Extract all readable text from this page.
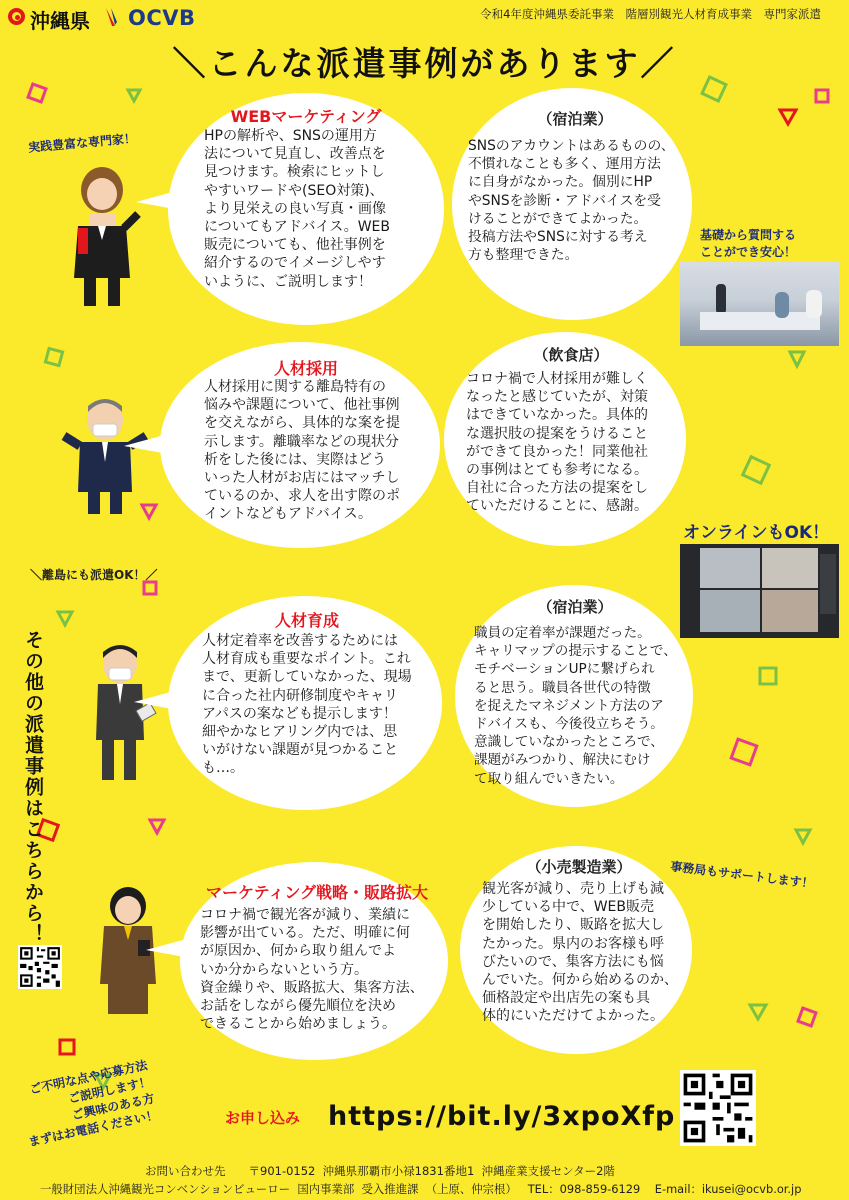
沖縄県 OCVB	令和4年度沖縄県委託事業　階層別観光人材育成事業　専門家派遣
＼こんな派遣事例があります／
実践豊富な専門家！
基礎から質問する
ことができ安心！
＼離島にも派遣OK！／
オンラインもOK！
事務局もサポートします！
その他の派遣事例はこちらから！
ご不明な点や応募方法
ご説明します！
ご興味のある方
まずはお電話ください！
WEBマーケティング
HPの解析や、SNSの運用方
法について見直し、改善点を
見つけます。検索にヒットし
やすいワードや(SEO対策)、
より見栄えの良い写真・画像
についてもアドバイス。WEB
販売についても、他社事例を
紹介するのでイメージしやす
いように、ご説明します！
（宿泊業）
SNSのアカウントはあるものの、
不慣れなことも多く、運用方法
に自身がなかった。個別にHP
やSNSを診断・アドバイスを受
けることができてよかった。
投稿方法やSNSに対する考え
方も整理できた。
人材採用
人材採用に関する離島特有の
悩みや課題について、他社事例
を交えながら、具体的な案を提
示します。離職率などの現状分
析をした後には、実際はどう
いった人材がお店にはマッチし
ているのか、求人を出す際のポ
イントなどもアドバイス。
（飲食店）
コロナ禍で人材採用が難しく
なったと感じていたが、対策
はできていなかった。具体的
な選択肢の提案をうけること
ができて良かった！同業他社
の事例はとても参考になる。
自社に合った方法の提案をし
ていただけることに、感謝。
人材育成
人材定着率を改善するためには
人材育成も重要なポイント。これ
まで、更新していなかった、現場
に合った社内研修制度やキャリ
アパスの案なども提示します！
細やかなヒアリング内では、思
いがけない課題が見つかること
も…。
（宿泊業）
職員の定着率が課題だった。
キャリマップの提示することで、
モチベーションUPに繋げられ
ると思う。職員各世代の特徴
を捉えたマネジメント方法のア
ドバイスも、今後役立ちそう。
意識していなかったところで、
課題がみつかり、解決にむけ
て取り組んでいきたい。
マーケティング戦略・販路拡大
コロナ禍で観光客が減り、業績に
影響が出ている。ただ、明確に何
が原因か、何から取り組んでよ
いか分からないという方。
資金繰りや、販路拡大、集客方法、
お話をしながら優先順位を決め
できることから始めましょう。
（小売製造業）
観光客が減り、売り上げも減
少している中で、WEB販売
を開始したり、販路を拡大し
たかった。県内のお客様も呼
びたいので、集客方法にも悩
んでいた。何から始めるのか、
価格設定や出店先の案も具
体的にいただけてよかった。
お申し込み https://bit.ly/3xpoXfp
お問い合わせ先　　〒901-0152  沖縄県那覇市小禄1831番地1  沖縄産業支援センター2階
一般財団法人沖縄観光コンベンションビューロー  国内事業部  受入推進課  （上原、仲宗根）   TEL：098-859-6129    E-mail：ikusei@ocvb.or.jp
